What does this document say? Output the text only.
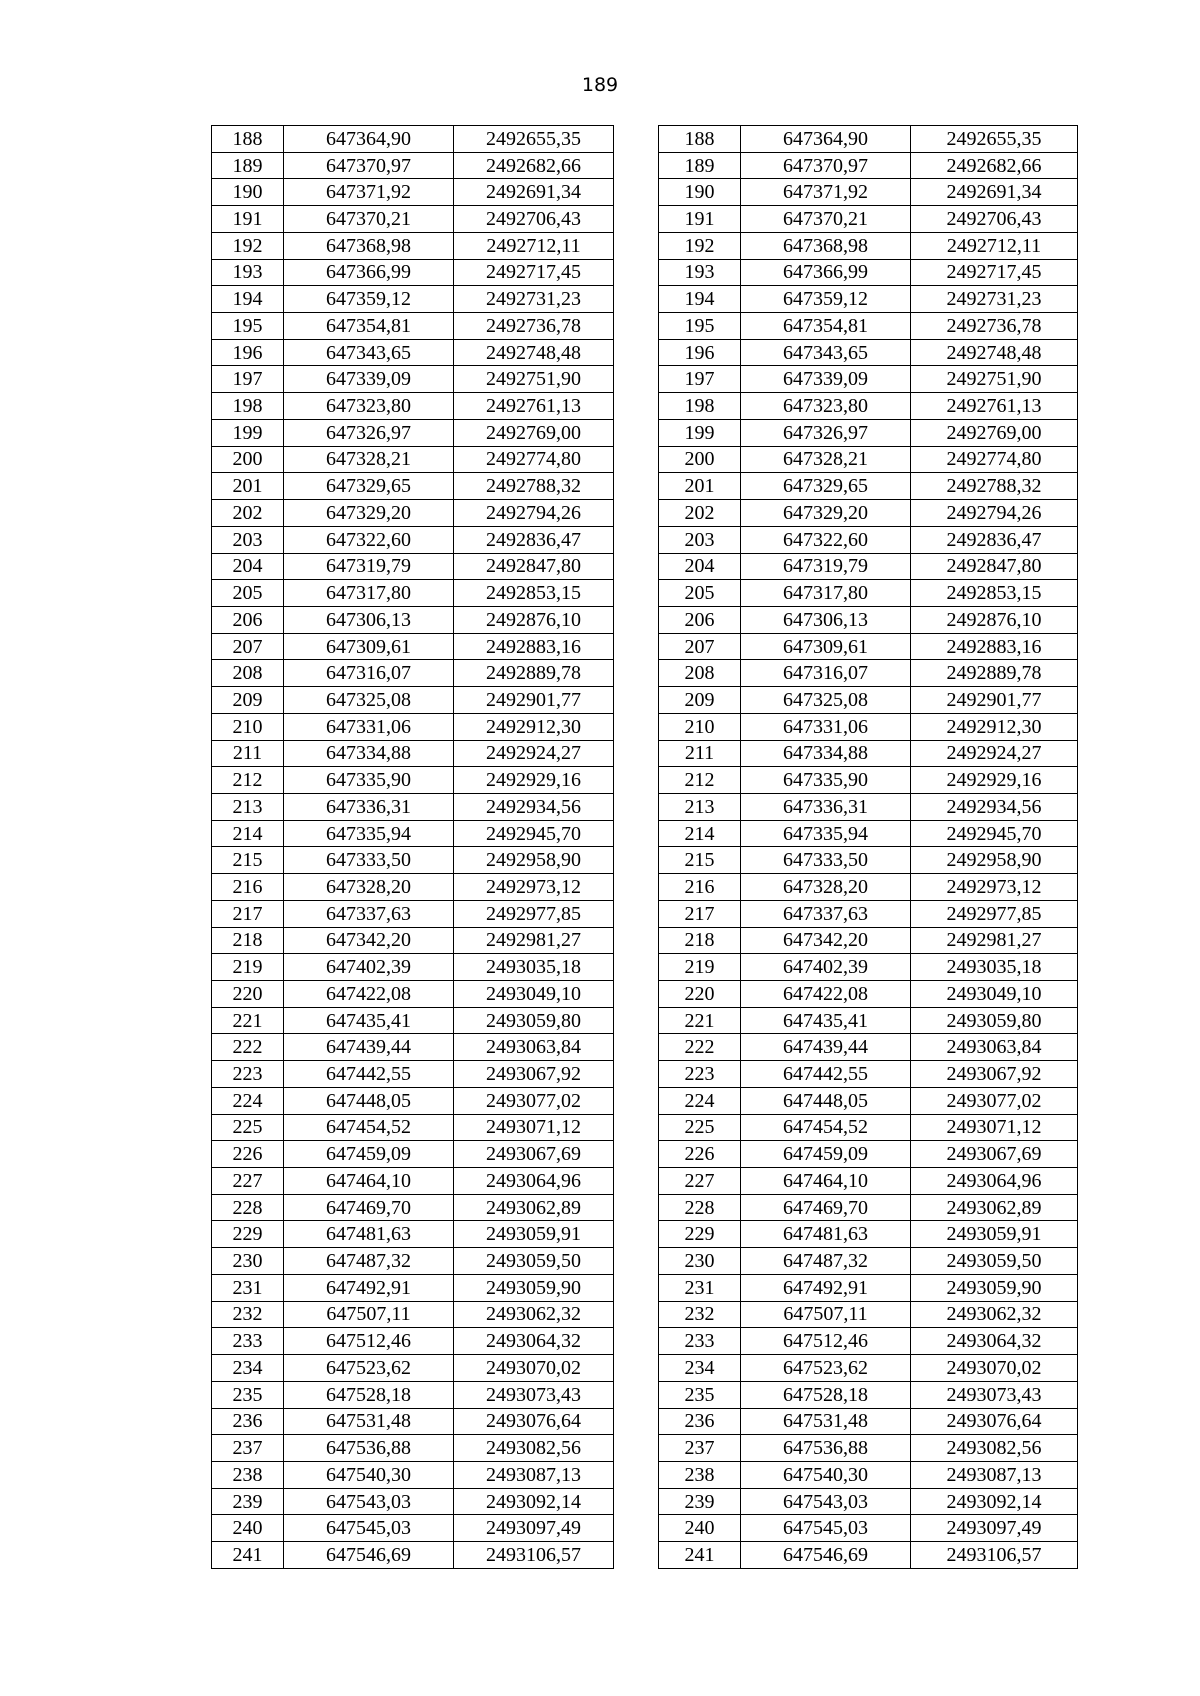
189
188	647364,90	2492655,35		188	647364,90	2492655,35
189	647370,97	2492682,66		189	647370,97	2492682,66
190	647371,92	2492691,34		190	647371,92	2492691,34
191	647370,21	2492706,43		191	647370,21	2492706,43
192	647368,98	2492712,11		192	647368,98	2492712,11
193	647366,99	2492717,45		193	647366,99	2492717,45
194	647359,12	2492731,23		194	647359,12	2492731,23
195	647354,81	2492736,78		195	647354,81	2492736,78
196	647343,65	2492748,48		196	647343,65	2492748,48
197	647339,09	2492751,90		197	647339,09	2492751,90
198	647323,80	2492761,13		198	647323,80	2492761,13
199	647326,97	2492769,00		199	647326,97	2492769,00
200	647328,21	2492774,80		200	647328,21	2492774,80
201	647329,65	2492788,32		201	647329,65	2492788,32
202	647329,20	2492794,26		202	647329,20	2492794,26
203	647322,60	2492836,47		203	647322,60	2492836,47
204	647319,79	2492847,80		204	647319,79	2492847,80
205	647317,80	2492853,15		205	647317,80	2492853,15
206	647306,13	2492876,10		206	647306,13	2492876,10
207	647309,61	2492883,16		207	647309,61	2492883,16
208	647316,07	2492889,78		208	647316,07	2492889,78
209	647325,08	2492901,77		209	647325,08	2492901,77
210	647331,06	2492912,30		210	647331,06	2492912,30
211	647334,88	2492924,27		211	647334,88	2492924,27
212	647335,90	2492929,16		212	647335,90	2492929,16
213	647336,31	2492934,56		213	647336,31	2492934,56
214	647335,94	2492945,70		214	647335,94	2492945,70
215	647333,50	2492958,90		215	647333,50	2492958,90
216	647328,20	2492973,12		216	647328,20	2492973,12
217	647337,63	2492977,85		217	647337,63	2492977,85
218	647342,20	2492981,27		218	647342,20	2492981,27
219	647402,39	2493035,18		219	647402,39	2493035,18
220	647422,08	2493049,10		220	647422,08	2493049,10
221	647435,41	2493059,80		221	647435,41	2493059,80
222	647439,44	2493063,84		222	647439,44	2493063,84
223	647442,55	2493067,92		223	647442,55	2493067,92
224	647448,05	2493077,02		224	647448,05	2493077,02
225	647454,52	2493071,12		225	647454,52	2493071,12
226	647459,09	2493067,69		226	647459,09	2493067,69
227	647464,10	2493064,96		227	647464,10	2493064,96
228	647469,70	2493062,89		228	647469,70	2493062,89
229	647481,63	2493059,91		229	647481,63	2493059,91
230	647487,32	2493059,50		230	647487,32	2493059,50
231	647492,91	2493059,90		231	647492,91	2493059,90
232	647507,11	2493062,32		232	647507,11	2493062,32
233	647512,46	2493064,32		233	647512,46	2493064,32
234	647523,62	2493070,02		234	647523,62	2493070,02
235	647528,18	2493073,43		235	647528,18	2493073,43
236	647531,48	2493076,64		236	647531,48	2493076,64
237	647536,88	2493082,56		237	647536,88	2493082,56
238	647540,30	2493087,13		238	647540,30	2493087,13
239	647543,03	2493092,14		239	647543,03	2493092,14
240	647545,03	2493097,49		240	647545,03	2493097,49
241	647546,69	2493106,57		241	647546,69	2493106,57
